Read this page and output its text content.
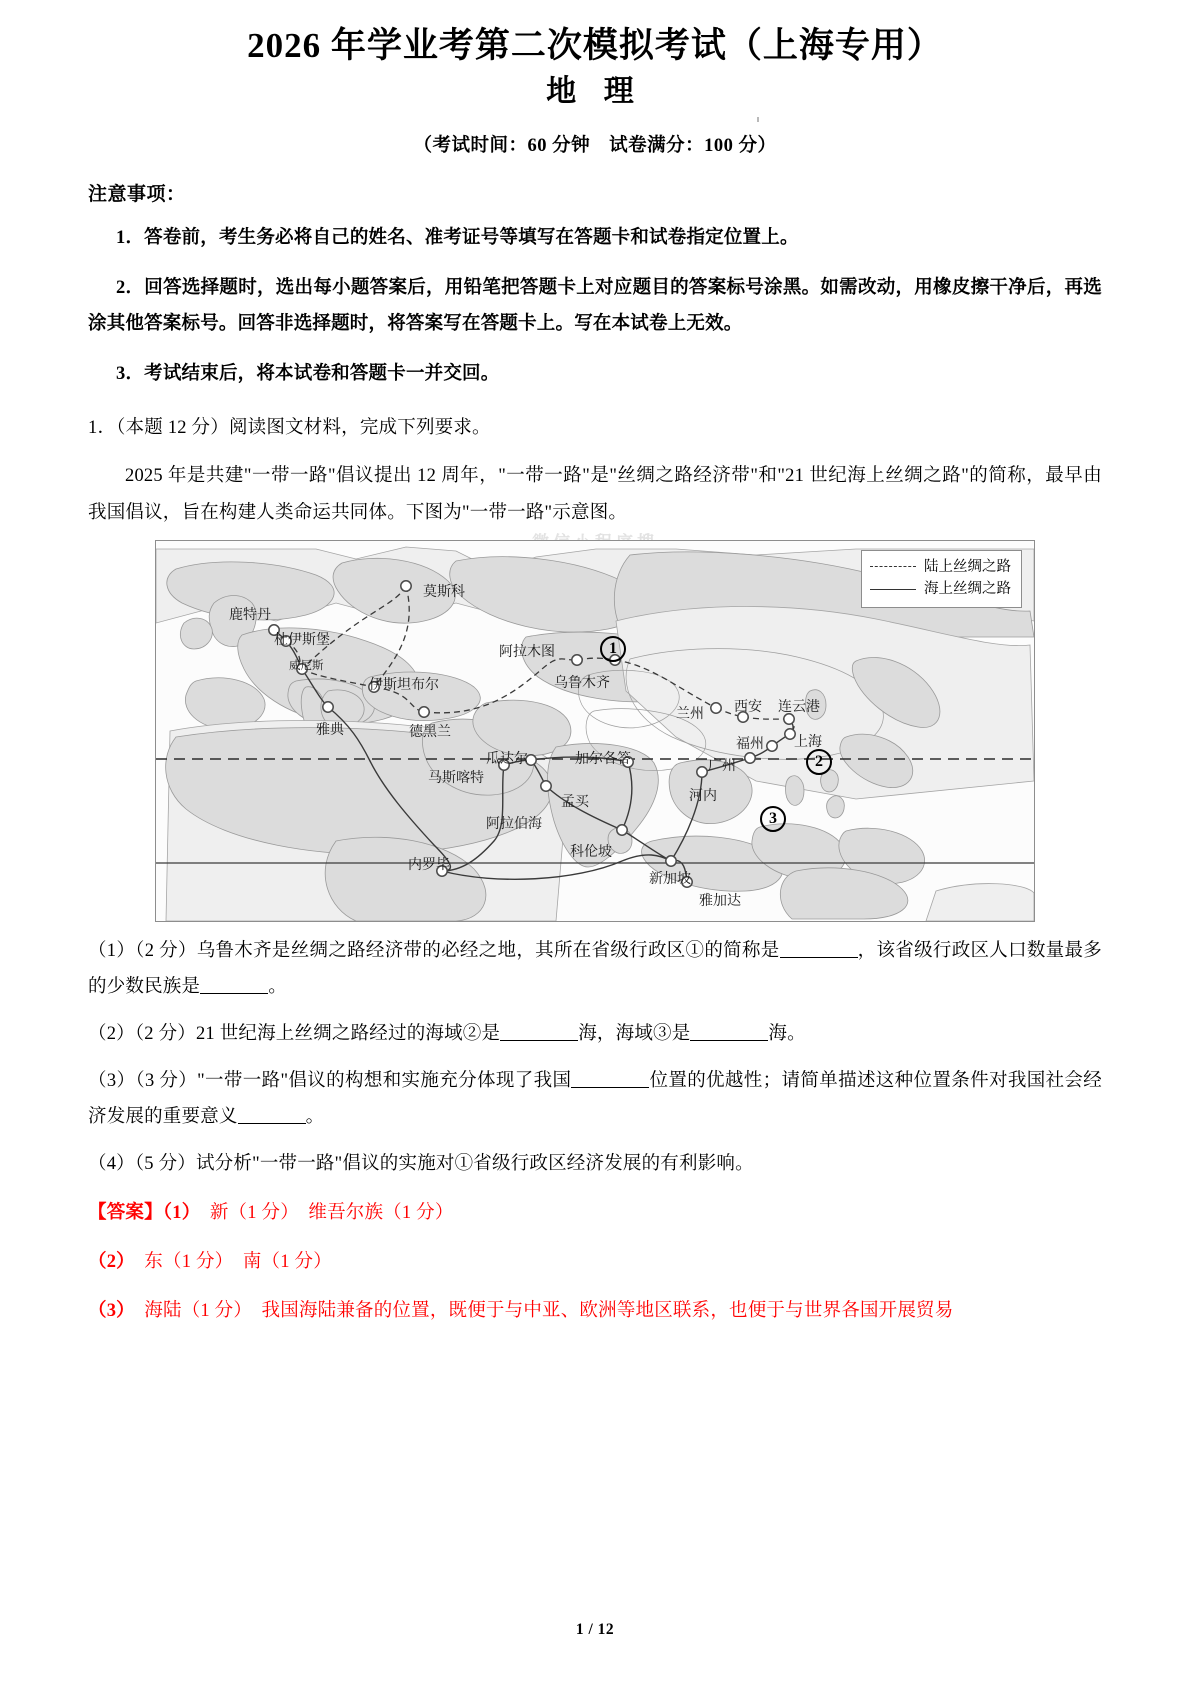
2026 年学业考第二次模拟考试（上海专用）
地 理

（考试时间：60 分钟　试卷满分：100 分）

注意事项：

1．答卷前，考生务必将自己的姓名、准考证号等填写在答题卡和试卷指定位置上。

2．回答选择题时，选出每小题答案后，用铅笔把答题卡上对应题目的答案标号涂黑。如需改动，用橡皮擦干净后，再选涂其他答案标号。回答非选择题时，将答案写在答题卡上。写在本试卷上无效。

3．考试结束后，将本试卷和答题卡一并交回。

1．（本题 12 分）阅读图文材料，完成下列要求。

2025 年是共建"一带一路"倡议提出 12 周年，"一带一路"是"丝绸之路经济带"和"21 世纪海上丝绸之路"的简称，最早由我国倡议，旨在构建人类命运共同体。下图为"一带一路"示意图。

陆上丝绸之路
海上丝绸之路
莫斯科
鹿特丹
杜伊斯堡
威尼斯
伊斯坦布尔
雅典	德黑兰
阿拉木图
乌鲁木齐
兰州 西安 连云港
上海
福州
广州
河内
瓜达尔
马斯喀特
加尔各答
孟买
科伦坡
内罗毕
新加坡
雅加达
阿拉伯海
1
2
3

（1）（2 分）乌鲁木齐是丝绸之路经济带的必经之地，其所在省级行政区①的简称是	，该省级行政区人口数量最多的少数民族是	。

（2）（2 分）21 世纪海上丝绸之路经过的海域②是	海，海域③是	海。

（3）（3 分）"一带一路"倡议的构想和实施充分体现了我国	位置的优越性；请简单描述这种位置条件对我国社会经济发展的重要意义	。

（4）（5 分）试分析"一带一路"倡议的实施对①省级行政区经济发展的有利影响。

【答案】（1）　新（1 分）　维吾尔族（1 分）

（2）　东（1 分）　南（1 分）

（3）　海陆（1 分）　我国海陆兼备的位置，既便于与中亚、欧洲等地区联系，也便于与世界各国开展贸易

1 / 12
